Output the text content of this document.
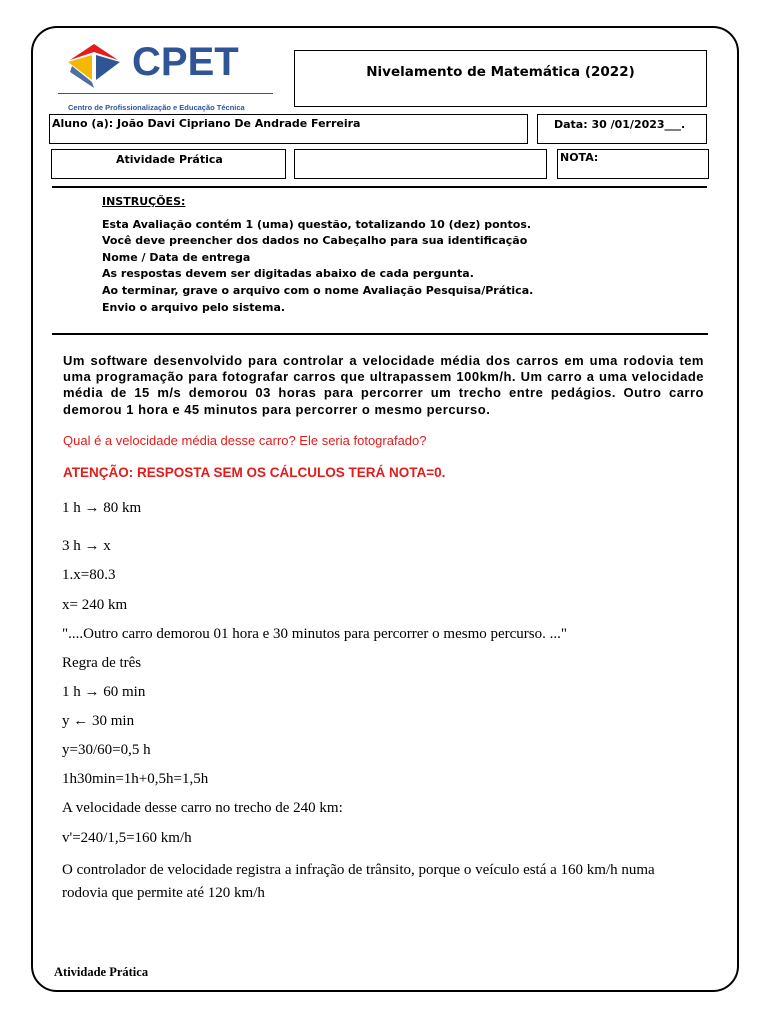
CPET
Centro de Profissionalização e Educação Técnica
Nivelamento de Matemática (2022)
Aluno (a): João Davi Cipriano De Andrade Ferreira	Data: 30 /01/2023___.
Atividade Prática	NOTA:
INSTRUÇÕES:
Esta Avaliação contém 1 (uma) questão, totalizando 10 (dez) pontos.
Você deve preencher dos dados no Cabeçalho para sua identificação
Nome / Data de entrega
As respostas devem ser digitadas abaixo de cada pergunta.
Ao terminar, grave o arquivo com o nome Avaliação Pesquisa/Prática.
Envio o arquivo pelo sistema.
Um software desenvolvido para controlar a velocidade média dos carros em uma rodovia tem uma programação para fotografar carros que ultrapassem 100km/h. Um carro a uma velocidade média de 15 m/s demorou 03 horas para percorrer um trecho entre pedágios. Outro carro demorou 1 hora e 45 minutos para percorrer o mesmo percurso.
Qual é a velocidade média desse carro? Ele seria fotografado?
ATENÇÃO: RESPOSTA SEM OS CÁLCULOS TERÁ NOTA=0.
1 h → 80 km
3 h → x
1.x=80.3
x= 240 km
"....Outro carro demorou 01 hora e 30 minutos para percorrer o mesmo percurso. ..."
Regra de três
1 h → 60 min
y ← 30 min
y=30/60=0,5 h
1h30min=1h+0,5h=1,5h
A velocidade desse carro no trecho de 240 km:
v'=240/1,5=160 km/h
O controlador de velocidade registra a infração de trânsito, porque o veículo está a 160 km/h numa rodovia que permite até 120 km/h
Atividade Prática
